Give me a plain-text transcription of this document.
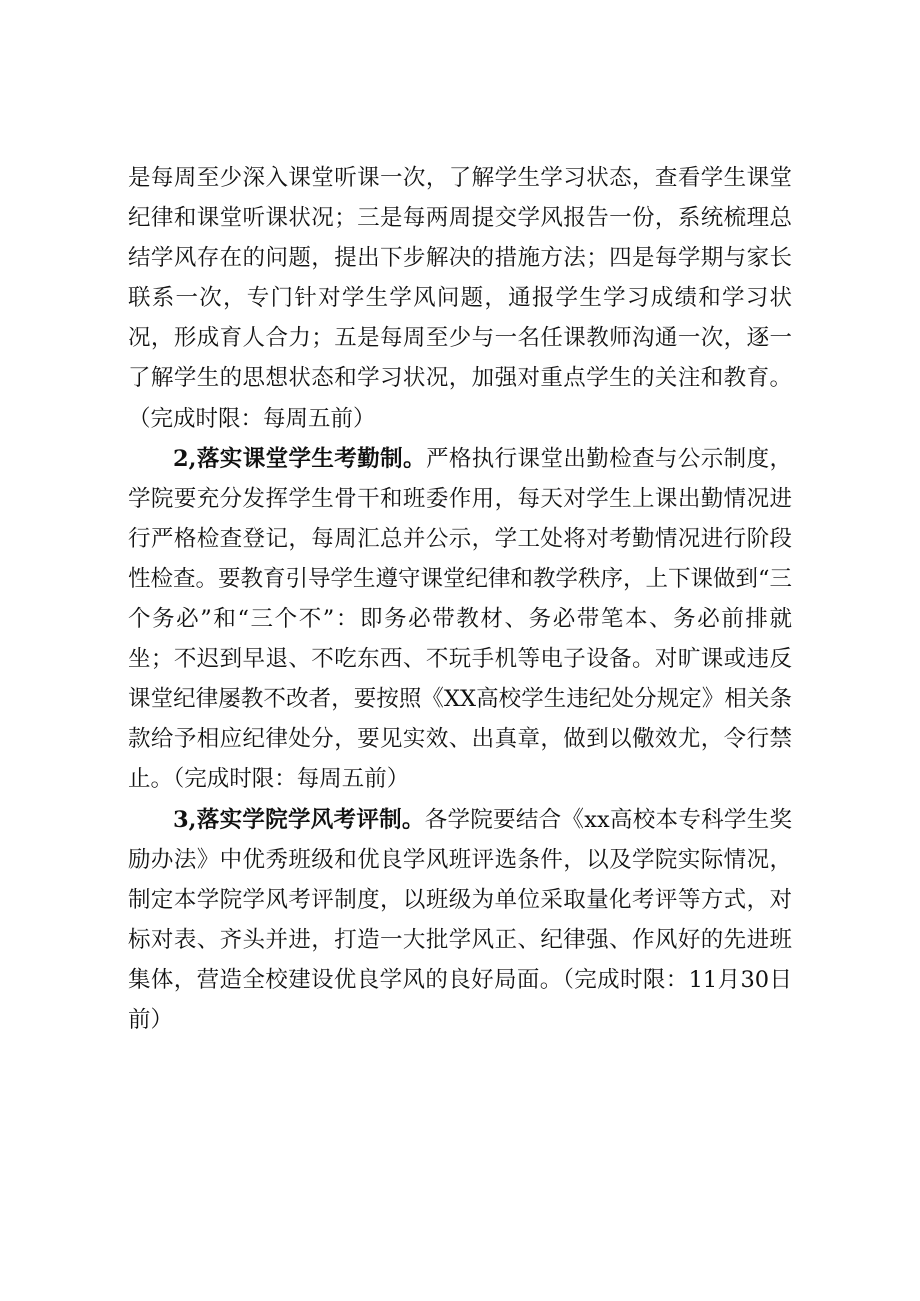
是每周至少深入课堂听课一次，了解学生学习状态，查看学生课堂纪律和课堂听课状况；三是每两周提交学风报告一份，系统梳理总结学风存在的问题，提出下步解决的措施方法；四是每学期与家长联系一次，专门针对学生学风问题，通报学生学习成绩和学习状况，形成育人合力；五是每周至少与一名任课教师沟通一次，逐一了解学生的思想状态和学习状况，加强对重点学生的关注和教育。（完成时限：每周五前）

2,落实课堂学生考勤制。严格执行课堂出勤检查与公示制度，学院要充分发挥学生骨干和班委作用，每天对学生上课出勤情况进行严格检查登记，每周汇总并公示，学工处将对考勤情况进行阶段性检查。要教育引导学生遵守课堂纪律和教学秩序，上下课做到“三个务必”和“三个不”：即务必带教材、务必带笔本、务必前排就坐；不迟到早退、不吃东西、不玩手机等电子设备。对旷课或违反课堂纪律屡教不改者，要按照《XX高校学生违纪处分规定》相关条款给予相应纪律处分，要见实效、出真章，做到以儆效尤，令行禁止。（完成时限：每周五前）

3,落实学院学风考评制。各学院要结合《xx高校本专科学生奖励办法》中优秀班级和优良学风班评选条件，以及学院实际情况，制定本学院学风考评制度，以班级为单位采取量化考评等方式，对标对表、齐头并进，打造一大批学风正、纪律强、作风好的先进班集体，营造全校建设优良学风的良好局面。（完成时限：11月30日前）
